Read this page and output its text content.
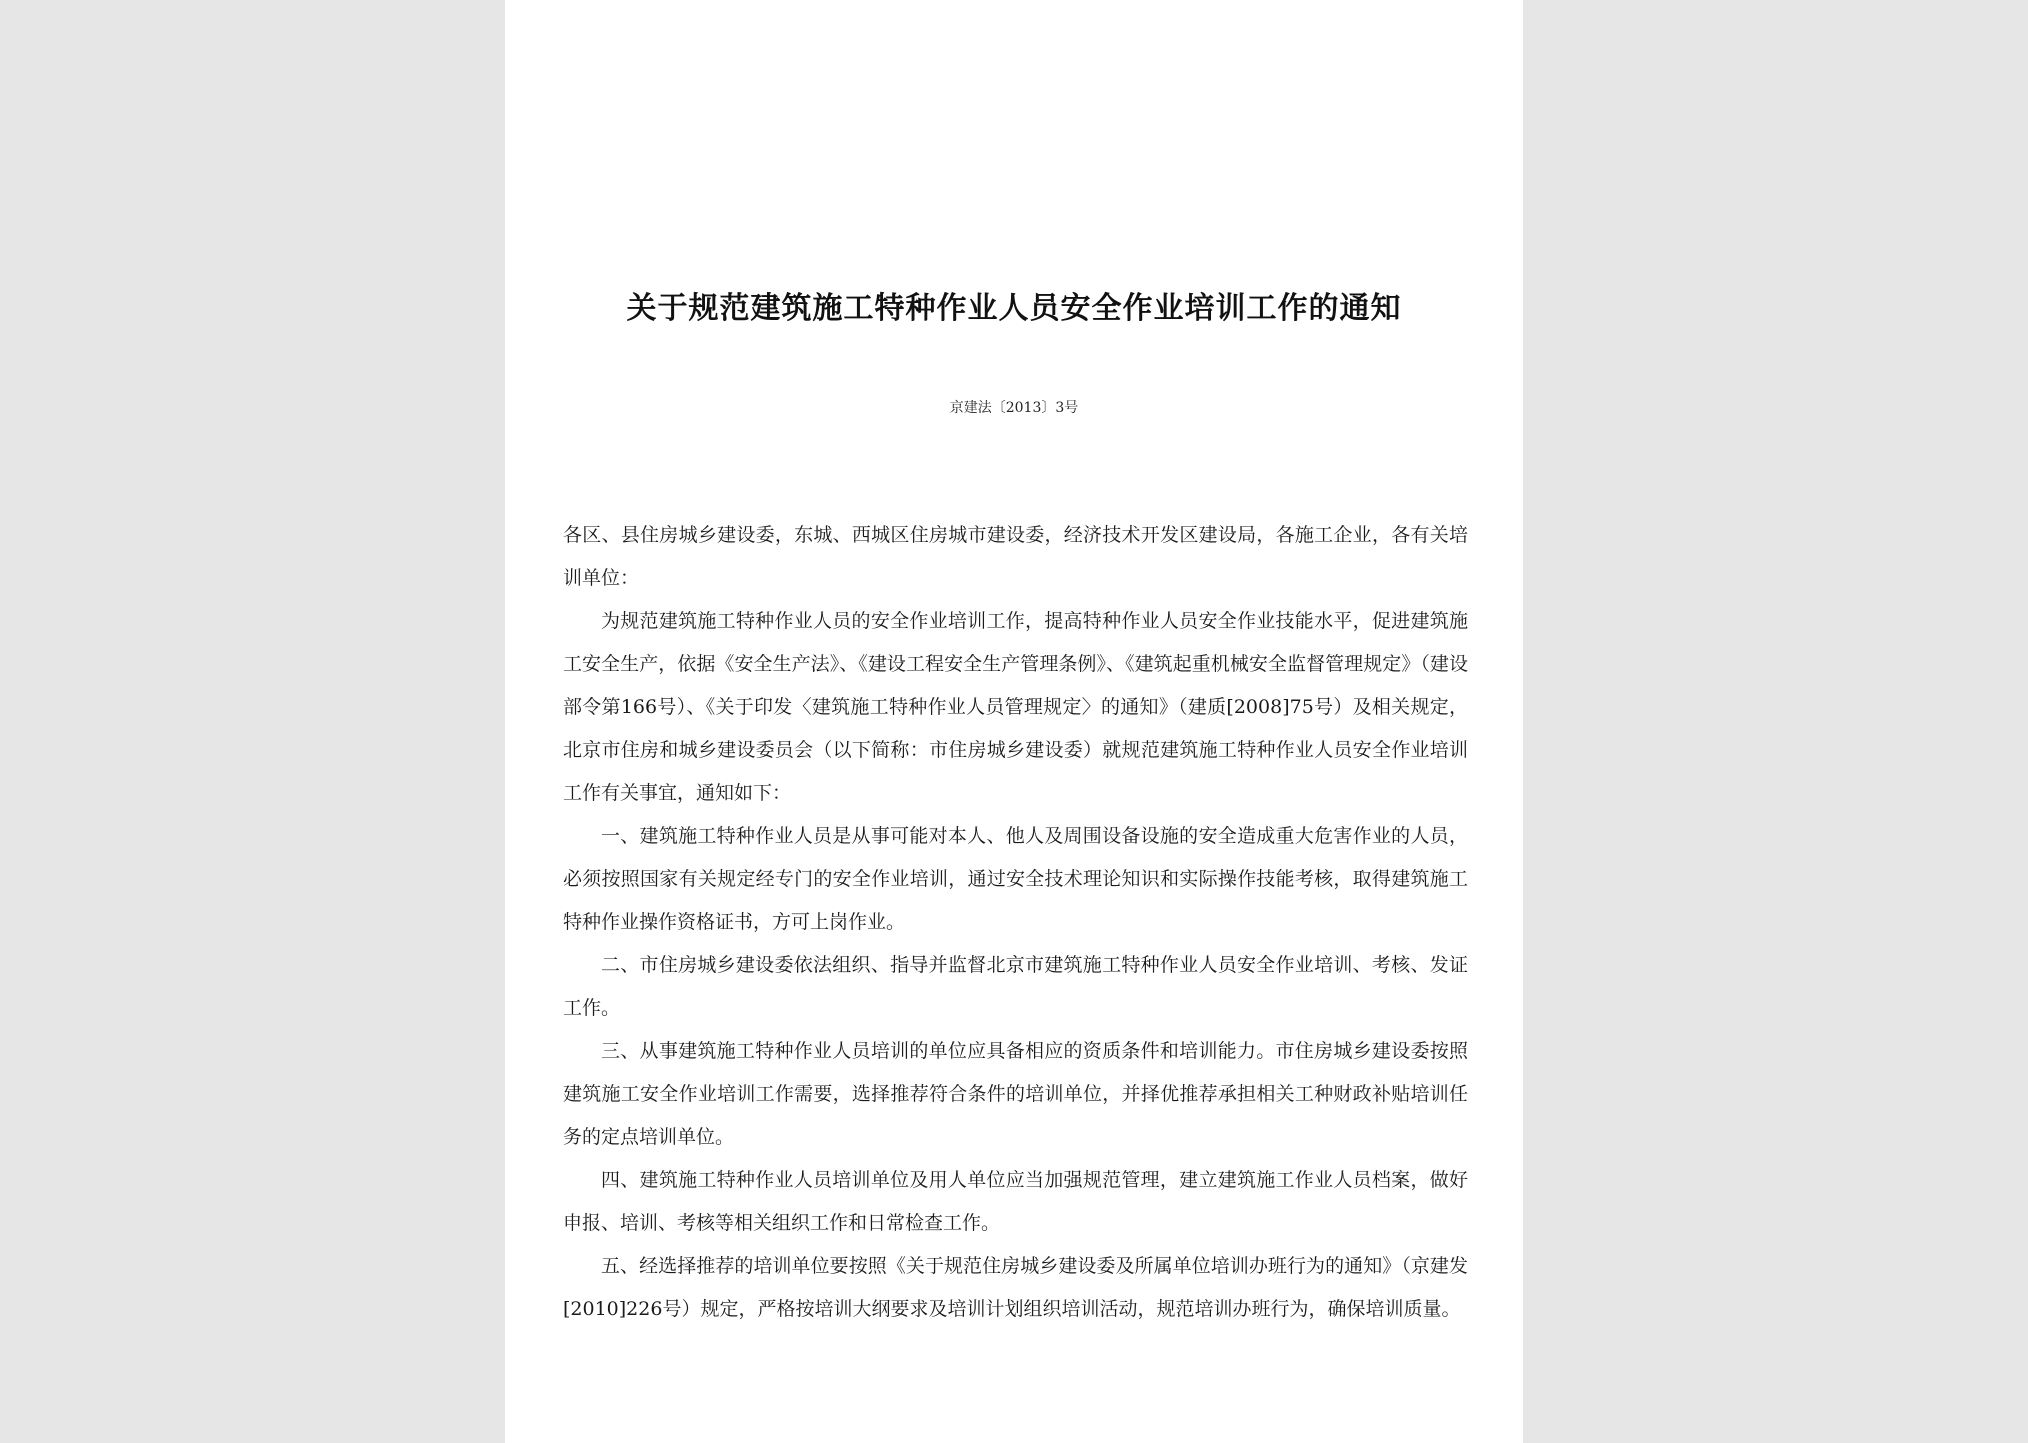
关于规范建筑施工特种作业人员安全作业培训工作的通知
京建法〔2013〕3号

各区、县住房城乡建设委，东城、西城区住房城市建设委，经济技术开发区建设局，各施工企业，各有关培训单位：

为规范建筑施工特种作业人员的安全作业培训工作，提高特种作业人员安全作业技能水平，促进建筑施工安全生产，依据《安全生产法》、《建设工程安全生产管理条例》、《建筑起重机械安全监督管理规定》（建设部令第166号）、《关于印发〈建筑施工特种作业人员管理规定〉的通知》（建质[2008]75号）及相关规定，北京市住房和城乡建设委员会（以下简称：市住房城乡建设委）就规范建筑施工特种作业人员安全作业培训工作有关事宜，通知如下：

一、建筑施工特种作业人员是从事可能对本人、他人及周围设备设施的安全造成重大危害作业的人员，必须按照国家有关规定经专门的安全作业培训，通过安全技术理论知识和实际操作技能考核，取得建筑施工特种作业操作资格证书，方可上岗作业。

二、市住房城乡建设委依法组织、指导并监督北京市建筑施工特种作业人员安全作业培训、考核、发证工作。

三、从事建筑施工特种作业人员培训的单位应具备相应的资质条件和培训能力。市住房城乡建设委按照建筑施工安全作业培训工作需要，选择推荐符合条件的培训单位，并择优推荐承担相关工种财政补贴培训任务的定点培训单位。

四、建筑施工特种作业人员培训单位及用人单位应当加强规范管理，建立建筑施工作业人员档案，做好申报、培训、考核等相关组织工作和日常检查工作。

五、经选择推荐的培训单位要按照《关于规范住房城乡建设委及所属单位培训办班行为的通知》（京建发[2010]226号）规定，严格按培训大纲要求及培训计划组织培训活动，规范培训办班行为，确保培训质量。
